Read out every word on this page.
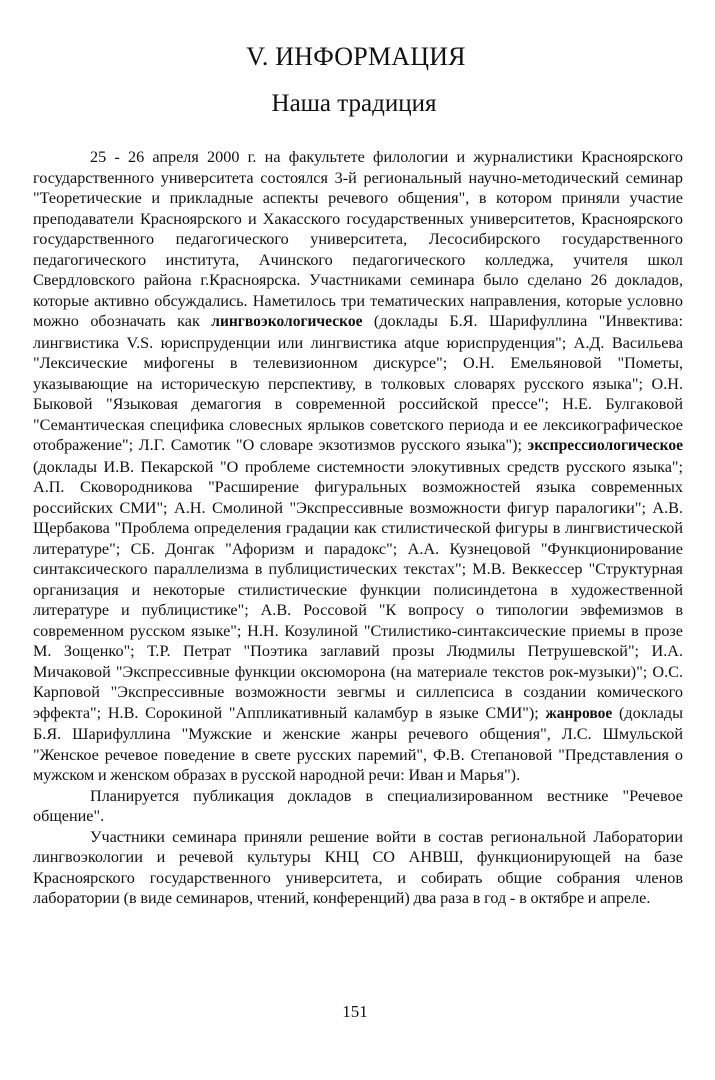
V. ИНФОРМАЦИЯ
Наша традиция

25 - 26 апреля 2000 г. на факультете филологии и журналистики Красноярского государственного университета состоялся 3-й региональный научно-методический семинар "Теоретические и прикладные аспекты речевого общения", в котором приняли участие преподаватели Красноярского и Хакасского государственных университетов, Красноярского государственного педагогического университета, Лесосибирского государственного педагогического института, Ачинского педагогического колледжа, учителя школ Свердловского района г.Красноярска. Участниками семинара было сделано 26 докладов, которые активно обсуждались. Наметилось три тематических направления, которые условно можно обозначать как лингвоэкологическое (доклады Б.Я. Шарифуллина "Инвектива: лингвистика V.S. юриспруденции или лингвистика atque юриспруденция"; А.Д. Васильева "Лексические мифогены в телевизионном дискурсе"; О.Н. Емельяновой "Пометы, указывающие на историческую перспективу, в толковых словарях русского языка"; О.Н. Быковой "Языковая демагогия в современной российской прессе"; Н.Е. Булгаковой "Семантическая специфика словесных ярлыков советского периода и ее лексикографическое отображение"; Л.Г. Самотик "О словаре экзотизмов русского языка"); экспрессиологическое (доклады И.В. Пекарской "О проблеме системности элокутивных средств русского языка"; А.П. Сковородникова "Расширение фигуральных возможностей языка современных российских СМИ"; А.Н. Смолиной "Экспрессивные возможности фигур паралогики"; А.В. Щербакова "Проблема определения градации как стилистической фигуры в лингвистической литературе"; СБ. Донгак "Афоризм и парадокс"; А.А. Кузнецовой "Функционирование синтаксического параллелизма в публицистических текстах"; М.В. Веккессер "Структурная организация и некоторые стилистические функции полисиндетона в художественной литературе и публицистике"; А.В. Россовой "К вопросу о типологии эвфемизмов в современном русском языке"; Н.Н. Козулиной "Стилистико-синтаксические приемы в прозе М. Зощенко"; Т.Р. Петрат "Поэтика заглавий прозы Людмилы Петрушевской"; И.А. Мичаковой "Экспрессивные функции оксюморона (на материале текстов рок-музыки)"; О.С. Карповой "Экспрессивные возможности зевгмы и силлепсиса в создании комического эффекта"; Н.В. Сорокиной "Аппликативный каламбур в языке СМИ"); жанровое (доклады Б.Я. Шарифуллина "Мужские и женские жанры речевого общения", Л.С. Шмульской "Женское речевое поведение в свете русских паремий", Ф.В. Степановой "Представления о мужском и женском образах в русской народной речи: Иван и Марья").

Планируется публикация докладов в специализированном вестнике "Речевое общение".

Участники семинара приняли решение войти в состав региональной Лаборатории лингвоэкологии и речевой культуры КНЦ СО АНВШ, функционирующей на базе Красноярского государственного университета, и собирать общие собрания членов лаборатории (в виде семинаров, чтений, конференций) два раза в год - в октябре и апреле.

151
